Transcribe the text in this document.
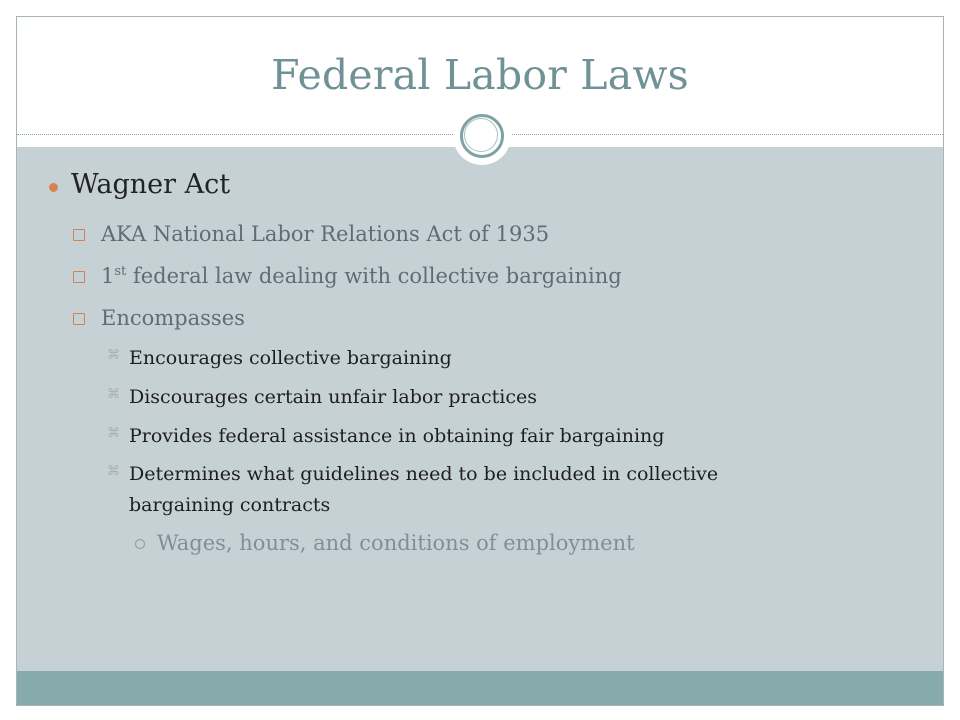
Federal Labor Laws
Wagner Act
AKA National Labor Relations Act of 1935
1st federal law dealing with collective bargaining
Encompasses
⌘ Encourages collective bargaining
⌘ Discourages certain unfair labor practices
⌘ Provides federal assistance in obtaining fair bargaining
⌘ Determines what guidelines need to be included in collective
bargaining contracts
Wages, hours, and conditions of employment
